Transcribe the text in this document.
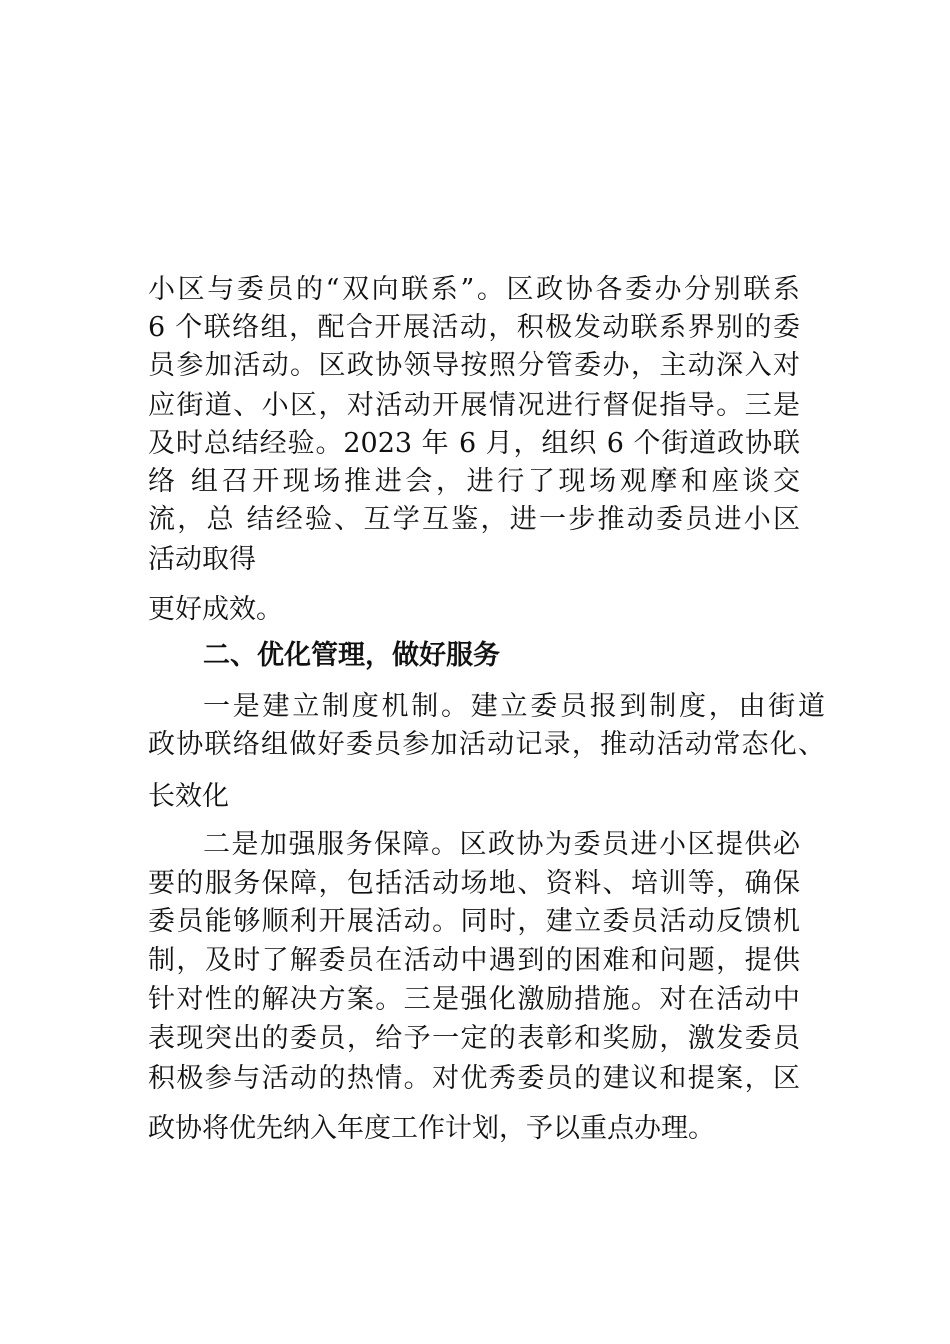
小区与委员的“双向联系”。区政协各委办分别联系
6 个联络组，配合开展活动，积极发动联系界别的委
员参加活动。区政协领导按照分管委办，主动深入对
应街道、小区，对活动开展情况进行督促指导。三是
及时总结经验。2023 年 6 月，组织 6 个街道政协联
络 组召开现场推进会，进行了现场观摩和座谈交
流，总 结经验、互学互鉴，进一步推动委员进小区
活动取得
更好成效。
二、优化管理，做好服务
一是建立制度机制。建立委员报到制度，由街道
政协联络组做好委员参加活动记录，推动活动常态化、
长效化
二是加强服务保障。区政协为委员进小区提供必
要的服务保障，包括活动场地、资料、培训等，确保
委员能够顺利开展活动。同时，建立委员活动反馈机
制，及时了解委员在活动中遇到的困难和问题，提供
针对性的解决方案。三是强化激励措施。对在活动中
表现突出的委员，给予一定的表彰和奖励，激发委员
积极参与活动的热情。对优秀委员的建议和提案，区
政协将优先纳入年度工作计划，予以重点办理。
